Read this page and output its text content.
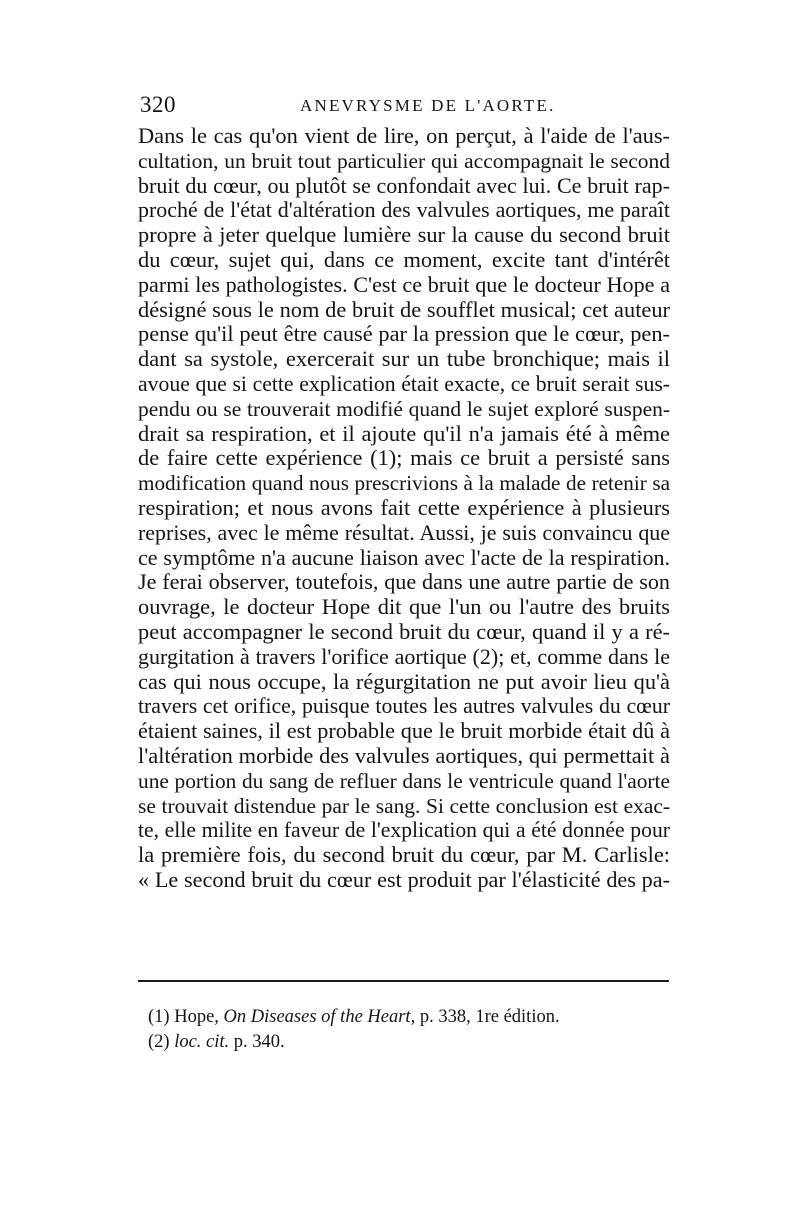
320	ANEVRYSME DE L'AORTE.
Dans le cas qu'on vient de lire, on perçut, à l'aide de l'aus-
cultation, un bruit tout particulier qui accompagnait le second
bruit du cœur, ou plutôt se confondait avec lui. Ce bruit rap-
proché de l'état d'altération des valvules aortiques, me paraît
propre à jeter quelque lumière sur la cause du second bruit
du cœur, sujet qui, dans ce moment, excite tant d'intérêt
parmi les pathologistes. C'est ce bruit que le docteur Hope a
désigné sous le nom de bruit de soufflet musical; cet auteur
pense qu'il peut être causé par la pression que le cœur, pen-
dant sa systole, exercerait sur un tube bronchique; mais il
avoue que si cette explication était exacte, ce bruit serait sus-
pendu ou se trouverait modifié quand le sujet exploré suspen-
drait sa respiration, et il ajoute qu'il n'a jamais été à même
de faire cette expérience (1); mais ce bruit a persisté sans
modification quand nous prescrivions à la malade de retenir sa
respiration; et nous avons fait cette expérience à plusieurs
reprises, avec le même résultat. Aussi, je suis convaincu que
ce symptôme n'a aucune liaison avec l'acte de la respiration.
Je ferai observer, toutefois, que dans une autre partie de son
ouvrage, le docteur Hope dit que l'un ou l'autre des bruits
peut accompagner le second bruit du cœur, quand il y a ré-
gurgitation à travers l'orifice aortique (2); et, comme dans le
cas qui nous occupe, la régurgitation ne put avoir lieu qu'à
travers cet orifice, puisque toutes les autres valvules du cœur
étaient saines, il est probable que le bruit morbide était dû à
l'altération morbide des valvules aortiques, qui permettait à
une portion du sang de refluer dans le ventricule quand l'aorte
se trouvait distendue par le sang. Si cette conclusion est exac-
te, elle milite en faveur de l'explication qui a été donnée pour
la première fois, du second bruit du cœur, par M. Carlisle:
« Le second bruit du cœur est produit par l'élasticité des pa-
(1) Hope, On Diseases of the Heart, p. 338, 1re édition.
(2) loc. cit. p. 340.
